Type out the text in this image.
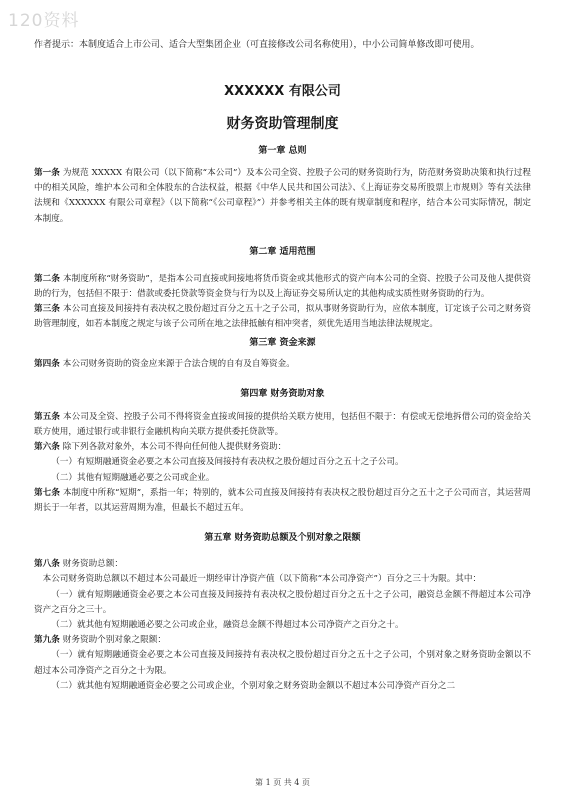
120资料

作者提示：本制度适合上市公司、适合大型集团企业（可直接修改公司名称使用），中小公司简单修改即可使用。

XXXXXX 有限公司
财务资助管理制度
第一章 总则

第一条 为规范 XXXXX 有限公司（以下简称“本公司”）及本公司全资、控股子公司的财务资助行为，防范财务资助决策和执行过程中的相关风险，维护本公司和全体股东的合法权益，根据《中华人民共和国公司法》、《上海证券交易所股票上市规则》等有关法律法规和《XXXXXX 有限公司章程》（以下简称“《公司章程》”）并参考相关主体的既有规章制度和程序，结合本公司实际情况，制定本制度。

第二章 适用范围

第二条 本制度所称“财务资助”，是指本公司直接或间接地将货币资金或其他形式的资产向本公司的全资、控股子公司及他人提供资助的行为，包括但不限于：借款或委托贷款等资金贷与行为以及上海证券交易所认定的其他构成实质性财务资助的行为。

第三条 本公司直接及间接持有表决权之股份超过百分之五十之子公司，拟从事财务资助行为，应依本制度，订定该子公司之财务资助管理制度，如若本制度之规定与该子公司所在地之法律抵触有相冲突者，须优先适用当地法律法规规定。

第三章 资金来源

第四条 本公司财务资助的资金应来源于合法合规的自有及自筹资金。

第四章 财务资助对象

第五条 本公司及全资、控股子公司不得将资金直接或间接的提供给关联方使用，包括但不限于：有偿或无偿地拆借公司的资金给关联方使用，通过银行或非银行金融机构向关联方提供委托贷款等。

第六条 除下列各款对象外，本公司不得向任何他人提供财务资助：

（一）有短期融通资金必要之本公司直接及间接持有表决权之股份超过百分之五十之子公司。

（二）其他有短期融通必要之公司或企业。

第七条 本制度中所称“短期”，系指一年；特别的，就本公司直接及间接持有表决权之股份超过百分之五十之子公司而言，其运营周期长于一年者，以其运营周期为准，但最长不超过五年。

第五章 财务资助总额及个别对象之限额

第八条 财务资助总额：

本公司财务资助总额以不超过本公司最近一期经审计净资产值（以下简称“本公司净资产”）百分之三十为限。其中：

（一）就有短期融通资金必要之本公司直接及间接持有表决权之股份超过百分之五十之子公司，融资总金额不得超过本公司净资产之百分之三十。

（二）就其他有短期融通必要之公司或企业，融资总金额不得超过本公司净资产之百分之十。

第九条 财务资助个别对象之限额：

（一）就有短期融通资金必要之本公司直接及间接持有表决权之股份超过百分之五十之子公司，个别对象之财务资助金额以不超过本公司净资产之百分之十为限。

（二）就其他有短期融通资金必要之公司或企业，个别对象之财务资助金额以不超过本公司净资产百分之二

第 1 页 共 4 页
